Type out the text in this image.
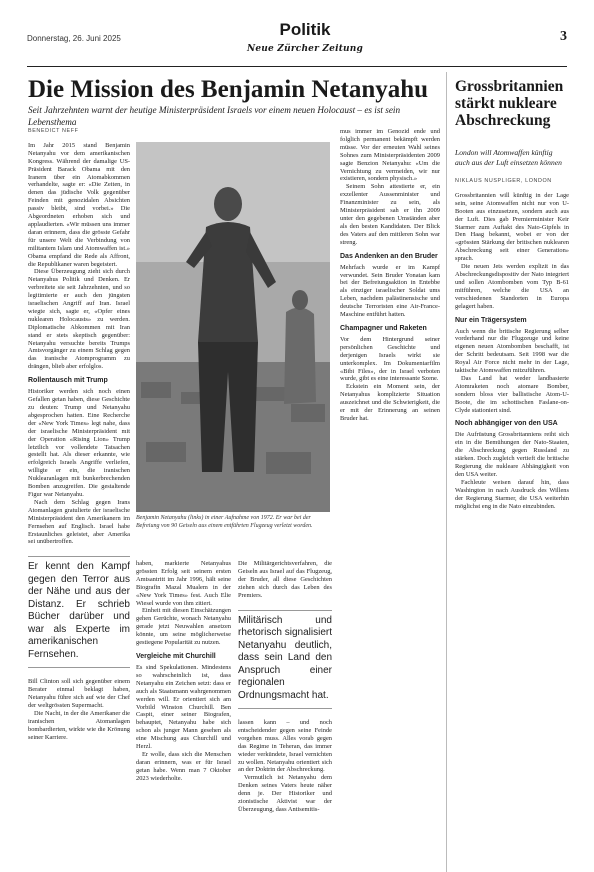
Donnerstag, 26. Juni 2025	Politik
Neue Zürcher Zeitung
3
Die Mission des Benjamin Netanyahu
Seit Jahrzehnten warnt der heutige Ministerpräsident Israels vor einem neuen Holocaust – es ist sein Lebensthema
BENEDICT NEFF

Im Jahr 2015 stand Benjamin Netanyahu vor dem amerikanischen Kongress. Während der damalige US-Präsident Barack Obama mit den Iranern über ein Atomabkommen verhandelte, sagte er: «Die Zeiten, in denen das jüdische Volk gegenüber Feinden mit genozidalen Absichten passiv bleibt, sind vorbei.» Die Abgeordneten erhoben sich und applaudierten. «Wir müssen uns immer daran erinnern, dass die grösste Gefahr für unsere Welt die Verbindung von militantem Islam und Atomwaffen ist.» Obama empfand die Rede als Affront, die Republikaner waren begeistert.

Diese Überzeugung zieht sich durch Netanyahus Politik und Denken. Er verbreitete sie seit Jahrzehnten, und so legitimierte er auch den jüngsten israelischen Angriff auf Iran. Israel wiegte sich, sagte er, «Opfer eines nuklearen Holocausts» zu werden. Diplomatische Abkommen mit Iran stand er stets skeptisch gegenüber: Netanyahu versuchte bereits Trumps Amtsvorgänger zu einem Schlag gegen das iranische Atomprogramm zu drängen, blieb aber erfolglos.

Rollentausch mit Trump

Historiker werden sich noch einen Gefallen getan haben, diese Geschichte zu deuten: Trump und Netanyahu abgesprochen hatten. Eine Recherche der «New York Times» legt nahe, dass der israelische Ministerpräsident mit der Operation «Rising Lion» Trump letztlich vor vollendete Tatsachen gestellt hat. Als dieser erkannte, wie erfolgreich Israels Angriffe verliefen, willigte er ein, die iranischen Nuklearanlagen mit bunkerbrechenden Bomben anzugreifen. Die gestaltende Figur war Netanyahu.

Nach dem Schlag gegen Irans Atomanlagen gratulierte der israelische Ministerpräsident den Amerikanern im Fernsehen auf Englisch. Israel habe Erstaunliches geleistet, aber Amerika sei unübertroffen.

Er kennt den Kampf gegen den Terror aus der Nähe und aus der Distanz. Er schrieb Bücher darüber und war als Experte im amerikanischen Fernsehen.

Bill Clinton soll sich gegenüber einem Berater einmal beklagt haben, Netanyahu führe sich auf wie der Chef der weltgrössten Supermacht.

Die Nacht, in der die Amerikaner die iranischen Atomanlagen bombardierten, wirkte wie die Krönung seiner Karriere.

Benjamin Netanyahu (links) in einer Aufnahme von 1972. Er war bei der Befreiung von 90 Geiseln aus einem entführten Flugzeug verletzt worden.

haben, markierte Netanyahus grössten Erfolg seit seinem ersten Amtsantritt im Jahr 1996, hält seine Biografin Mazal Mualem in der «New York Times» fest. Auch Elie Wiesel wurde von ihm zitiert.

Einheit mit diesen Einschätzungen gehen Gerüchte, wonach Netanyahu gerade jetzt Neuwahlen ansetzen könnte, um seine möglicherweise gestiegene Popularität zu nutzen.

Vergleiche mit Churchill

Es sind Spekulationen. Mindestens so wahrscheinlich ist, dass Netanyahu ein Zeichen setzt: dass er auch als Staatsmann wahrgenommen werden will. Er orientiert sich am Vorbild Winston Churchill. Ben Caspit, einer seiner Biografen, behauptet, Netanyahu habe sich schon als junger Mann gesehen als eine Mischung aus Churchill und Herzl.

Er wolle, dass sich die Menschen daran erinnern, was er für Israel getan habe. Wenn man 7 Oktober 2023 wiederholte.

Die Militärgerichtsverfahren, die Geiseln aus Israel auf das Flugzeug, der Bruder, all diese Geschichten ziehen sich durch das Leben des Premiers.

Militärisch und rhetorisch signalisiert Netanyahu deutlich, dass sein Land den Anspruch einer regionalen Ordnungsmacht hat.

lassen kann – und noch entscheidender gegen seine Feinde vorgehen muss. Alles vorab gegen das Regime in Teheran, das immer wieder verkündete, Israel vernichten zu wollen. Netanyahu orientiert sich an der Doktrin der Abschreckung.

Vermutlich ist Netanyahu dem Denken seines Vaters heute näher denn je. Der Historiker und zionistische Aktivist war der Überzeugung, dass Antisemitis-

mus immer im Genozid ende und folglich permanent bekämpft werden müsse. Vor der erneuten Wahl seines Sohnes zum Ministerpräsidenten 2009 sagte Benzion Netanyahu: «Um die Vernichtung zu vermeiden, wir nur existieren, sondern physisch.»

Seinem Sohn attestierte er, ein exzellenter Aussenminister und Finanzminister zu sein, als Ministerpräsident sah er ihn 2009 unter den gegebenen Umständen aber als den besten Kandidaten. Der Blick des Vaters auf den mittleren Sohn war streng.

Das Andenken an den Bruder

Mehrfach wurde er im Kampf verwundet. Sein Bruder Yonatan kam bei der Befreiungsaktion in Entebbe als einziger israelischer Soldat ums Leben, nachdem palästinensische und deutsche Terroristen eine Air-France-Maschine entführt hatten.

Champagner und Raketen

Vor dem Hintergrund seiner persönlichen Geschichte und derjenigen Israels wirkt sie unterkomplex. Im Dokumentarfilm «Bibi Files», der in Israel verboten wurde, gibt es eine interessante Szene.

Eckstein ein Moment sein, der Netanyahus komplizierte Situation auszeichnet und die Schwierigkeit, die er mit der Erinnerung an seinen Bruder hat.

Grossbritannien stärkt nukleare Abschreckung
London will Atomwaffen künftig auch aus der Luft einsetzen können
NIKLAUS NUSPLIGER, LONDON

Grossbritannien will künftig in der Lage sein, seine Atomwaffen nicht nur von U-Booten aus einzusetzen, sondern auch aus der Luft. Dies gab Premierminister Keir Starmer zum Auftakt des Nato-Gipfels in Den Haag bekannt, wobei er von der «grössten Stärkung der britischen nuklearen Abschreckung seit einer Generation» sprach.

Die neuen Jets werden explizit in das Abschreckungsdispositiv der Nato integriert und sollen Atombomben vom Typ B-61 mitführen, welche die USA an verschiedenen Standorten in Europa gelagert haben.

Nur ein Trägersystem

Auch wenn die britische Regierung selber vorderhand nur die Flugzeuge und keine eigenen neuen Atombomben beschafft, ist der Schritt bedeutsam. Seit 1998 war die Royal Air Force nicht mehr in der Lage, taktische Atomwaffen mitzuführen.

Das Land hat weder landbasierte Atomraketen noch atomare Bomber, sondern bloss vier ballistische Atom-U-Boote, die im schottischen Faslane-on-Clyde stationiert sind.

Noch abhängiger von den USA

Die Aufrüstung Grossbritanniens reiht sich ein in die Bemühungen der Nato-Staaten, die Abschreckung gegen Russland zu stärken. Doch zugleich vertieft die britische Regierung die nukleare Abhängigkeit von den USA weiter.

Fachleute weisen darauf hin, dass Washington in nach Ausdruck des Willens der Regierung Starmer, die USA weiterhin möglichst eng in die Nato einzubinden.
